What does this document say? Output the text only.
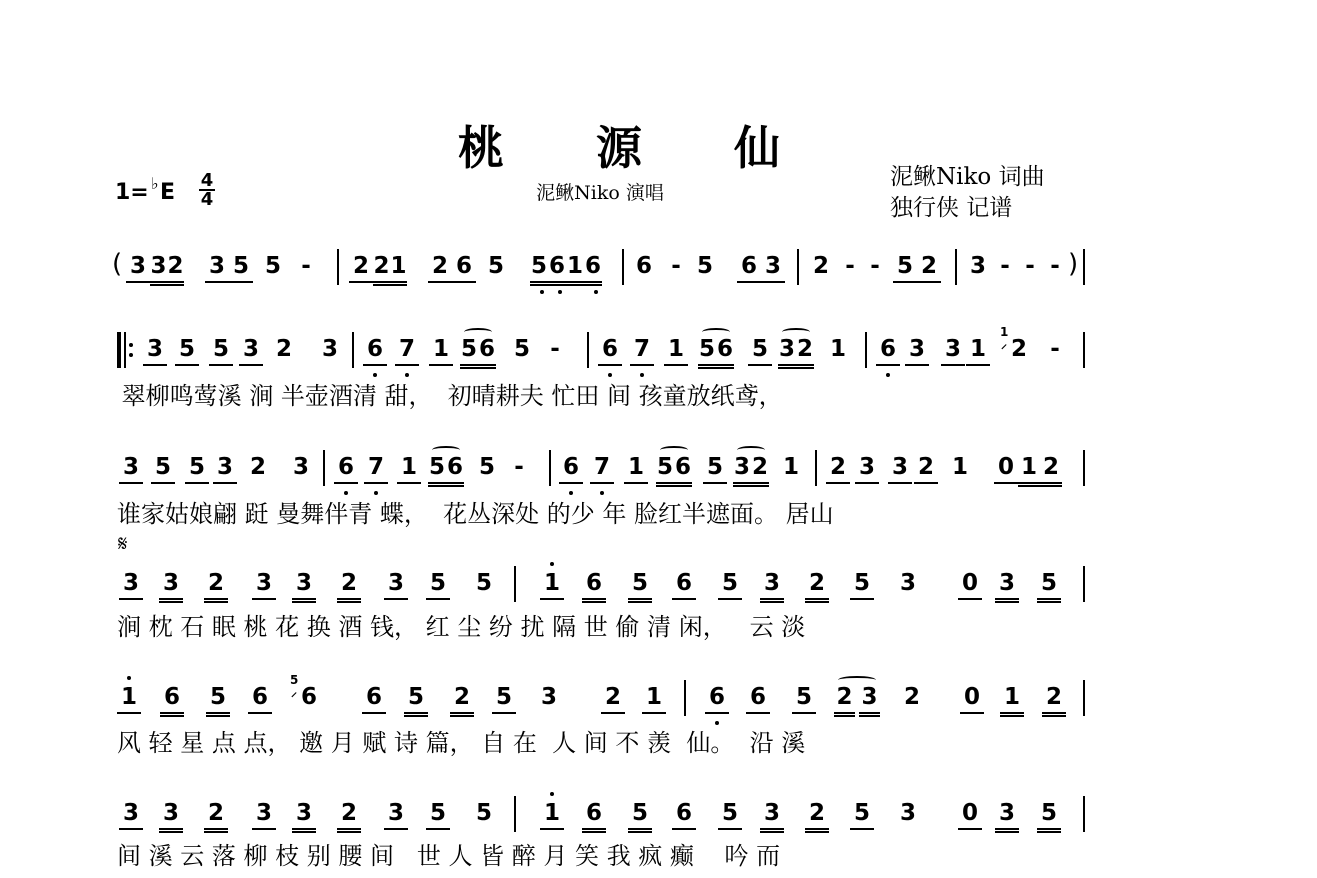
桃 源 仙
泥鳅Niko 演唱
泥鳅Niko 词曲
独行侠 记谱
1= ♭ E 4
4
( 3 3 2 3 5 5 -	2 2 1 2 6 5 5 6 1 6 6 - 5 6 3 2 - - 5 2 3 - - - )
3 5 5 3 2 3 6 7 1 5 6 5 -	6 7 1 5 6 5 3 2 1 6 3 3 1
1
⸝ 2	-
翠柳鸣莺溪 涧 半壶酒清 甜，  初晴耕夫 忙田 间 孩童放纸鸢，
3 5 5 3 2 3 6 7 1 5 6 5 -	6 7 1 5 6 5 3 2 1 2 3 3 2 1 0 1 2
谁家姑娘翩 跹 曼舞伴青 蝶，  花丛深处 的少 年 脸红半遮面。 居山
𝄋
3 3 2 3 3 2 3 5 5 1 6 5 6 5 3 2 5 3 0 3 5
涧 枕 石 眠 桃 花 换 酒 钱， 红 尘 纷 扰 隔 世 偷 清 闲，   云 淡
1 6 5 6
5
⸝ 6 6 5 2 5 3 2 1 6 6 5 2 3 2 0 1 2
风 轻 星 点 点， 邀 月 赋 诗 篇， 自 在  人 间 不 羡  仙。  沿 溪
3 3 2 3 3 2 3 5 5 1 6 5 6 5 3 2 5 3 0 3 5
间 溪 云 落 柳 枝 别 腰 间   世 人 皆 醉 月 笑 我 疯 癫    吟 而
